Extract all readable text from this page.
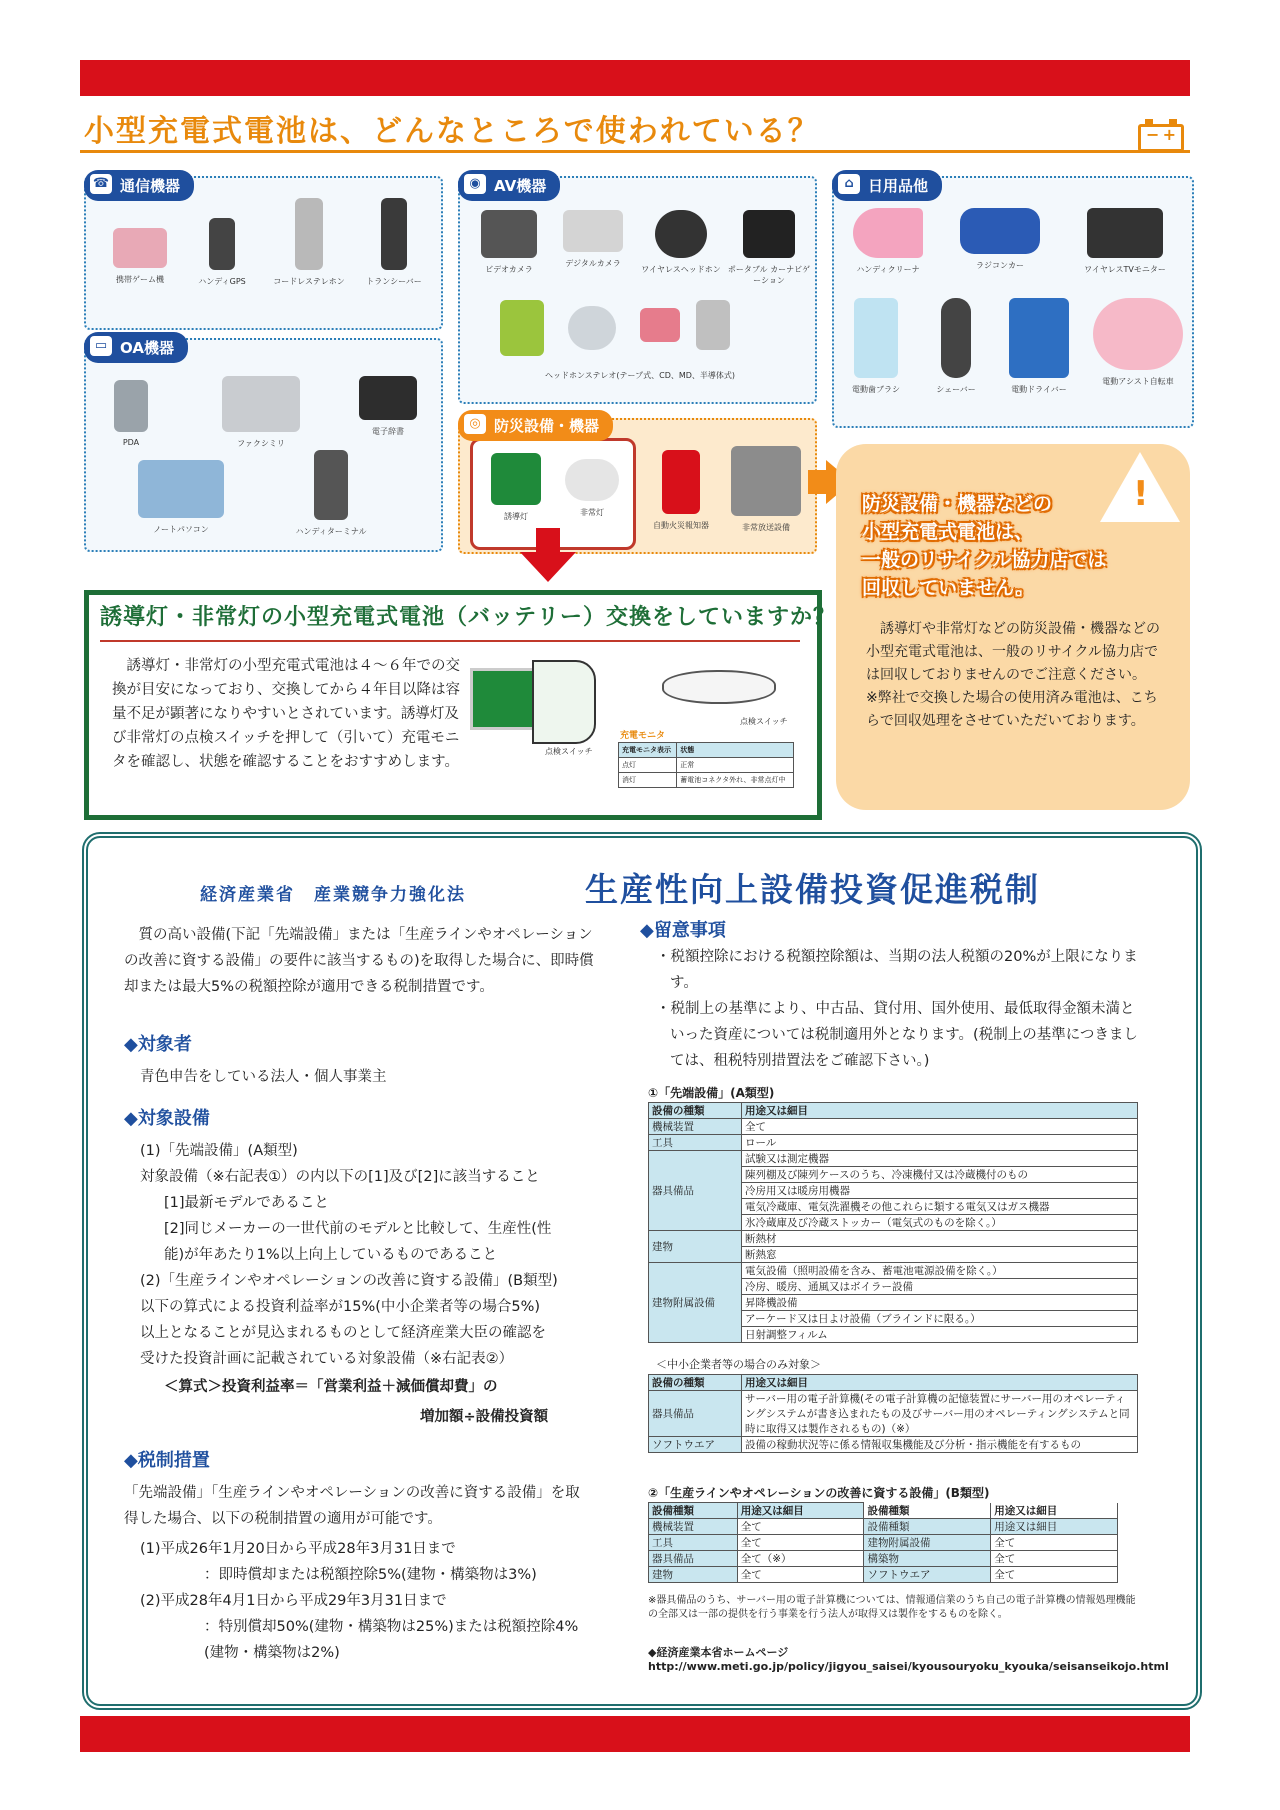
小型充電式電池は、どんなところで使われている？	− +
携帯ゲーム機	ハンディGPS	コードレステレホン	トランシーバー
☎ 通信機器
PDA	ファクシミリ
電子辞書
ノートパソコン	ハンディターミナル
▭ OA機器
ビデオカメラ
デジタルカメラ
ワイヤレスヘッドホン ポータブル カーナビゲーション
ヘッドホンステレオ(テープ式、CD、MD、半導体式)
◉ AV機器
ハンディクリーナ	ラジコンカー	ワイヤレスTVモニター
電動歯ブラシ	シェーバー	電動ドライバー
電動アシスト自転車
⌂ 日用品他
誘導灯	非常灯
自動火災報知器	非常放送設備
◎ 防災設備・機器
誘導灯・非常灯の小型充電式電池（バッテリー）交換をしていますか？
誘導灯・非常灯の小型充電式電池は４〜６年での交換が目安になっており、交換してから４年目以降は容量不足が顕著になりやすいとされています。誘導灯及び非常灯の点検スイッチを押して（引いて）充電モニタを確認し、状態を確認することをおすすめします。
点検スイッチ
点検スイッチ
充電モニタ
充電モニタ表示	状態
点灯	正常
消灯	蓄電池コネクタ外れ、非常点灯中
!
防災設備・機器などの
小型充電式電池は、
一般のリサイクル協力店では
回収していません。
誘導灯や非常灯などの防災設備・機器などの小型充電式電池は、一般のリサイクル協力店では回収しておりませんのでご注意ください。
※弊社で交換した場合の使用済み電池は、こちらで回収処理をさせていただいております。
経済産業省　産業競争力強化法	生産性向上設備投資促進税制
質の高い設備(下記「先端設備」または「生産ラインやオペレーションの改善に資する設備」の要件に該当するもの)を取得した場合に、即時償却または最大5%の税額控除が適用できる税制措置です。
◆対象者
青色申告をしている法人・個人事業主
◆対象設備
(1)「先端設備」(A類型)
対象設備（※右記表①）の内以下の[1]及び[2]に該当すること
[1]最新モデルであること
[2]同じメーカーの一世代前のモデルと比較して、生産性(性
能)が年あたり1%以上向上しているものであること
(2)「生産ラインやオペレーションの改善に資する設備」(B類型)
以下の算式による投資利益率が15%(中小企業者等の場合5%)
以上となることが見込まれるものとして経済産業大臣の確認を
受けた投資計画に記載されている対象設備（※右記表②）
＜算式＞投資利益率＝「営業利益＋減価償却費」の
増加額÷設備投資額
◆税制措置
「先端設備」「生産ラインやオペレーションの改善に資する設備」を取
得した場合、以下の税制措置の適用が可能です。
(1)平成26年1月20日から平成28年3月31日まで
：即時償却または税額控除5%(建物・構築物は3%)
(2)平成28年4月1日から平成29年3月31日まで
：特別償却50%(建物・構築物は25%)または税額控除4%
(建物・構築物は2%)
◆留意事項
・税額控除における税額控除額は、当期の法人税額の20%が上限になります。
・税制上の基準により、中古品、貸付用、国外使用、最低取得金額未満といった資産については税制適用外となります。(税制上の基準につきましては、租税特別措置法をご確認下さい。)
①「先端設備」(A類型)
設備の種類	用途又は細目
機械装置	全て
工具	ロール
器具備品	試験又は測定機器
	陳列棚及び陳列ケースのうち、冷凍機付又は冷蔵機付のもの
	冷房用又は暖房用機器
	電気冷蔵庫、電気洗濯機その他これらに類する電気又はガス機器
	氷冷蔵庫及び冷蔵ストッカー（電気式のものを除く。）
建物	断熱材
	断熱窓
建物附属設備	電気設備（照明設備を含み、蓄電池電源設備を除く。）
	冷房、暖房、通風又はボイラー設備
	昇降機設備
	アーケード又は日よけ設備（ブラインドに限る。）
	日射調整フィルム
＜中小企業者等の場合のみ対象＞
設備の種類	用途又は細目
器具備品	サーバー用の電子計算機(その電子計算機の記憶装置にサーバー用のオペレーティングシステムが書き込まれたもの及びサーバー用のオペレーティングシステムと同時に取得又は製作されるもの)（※）
ソフトウエア	設備の稼動状況等に係る情報収集機能及び分析・指示機能を有するもの
②「生産ラインやオペレーションの改善に資する設備」(B類型)
設備種類	用途又は細目	設備種類	用途又は細目
機械装置	全て	設備種類	用途又は細目
工具	全て	建物附属設備	全て
器具備品	全て（※）	構築物	全て
建物	全て	ソフトウエア	全て
※器具備品のうち、サーバー用の電子計算機については、情報通信業のうち自己の電子計算機の情報処理機能の全部又は一部の提供を行う事業を行う法人が取得又は製作をするものを除く。
◆経済産業本省ホームページ
http://www.meti.go.jp/policy/jigyou_saisei/kyousouryoku_kyouka/seisanseikojo.html
